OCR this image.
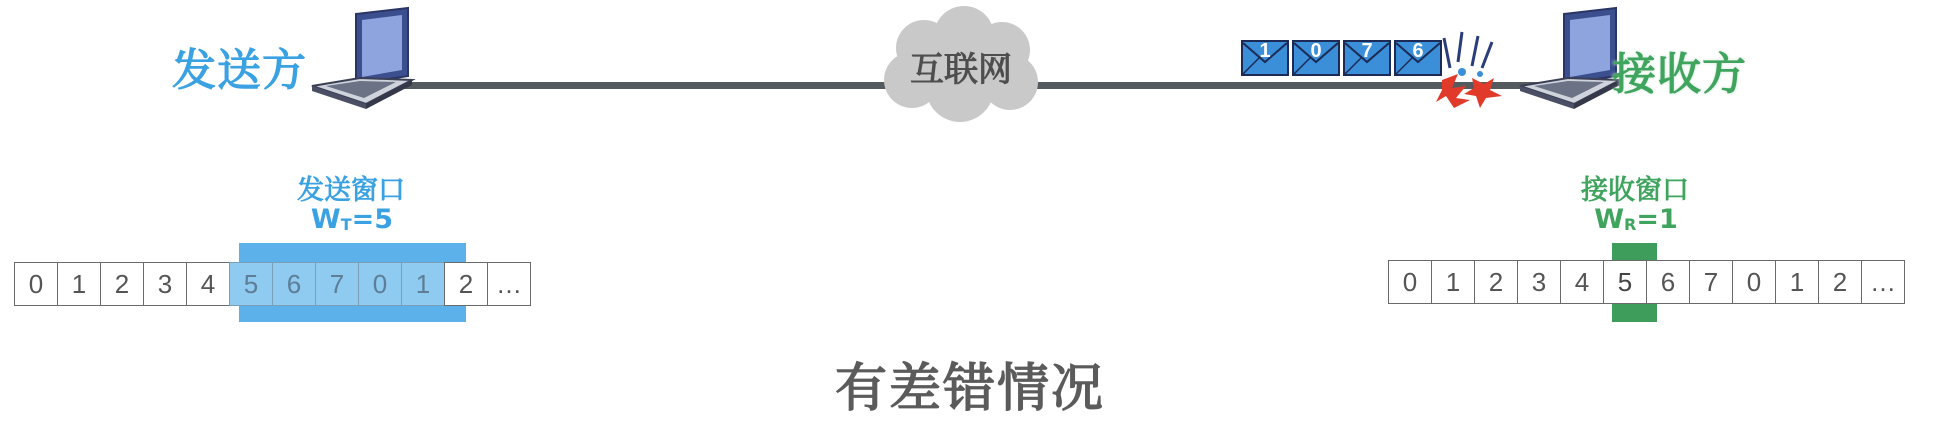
发送方	互联网	1 0 7 6	接收方
发送窗口
$W_T=5$
0	1	2	3	4	5	6	7	0	1	2 …
接收窗口
$W_R=1$
0	1	2	3	4	5	6	7	0	1	2 …
有差错情况
